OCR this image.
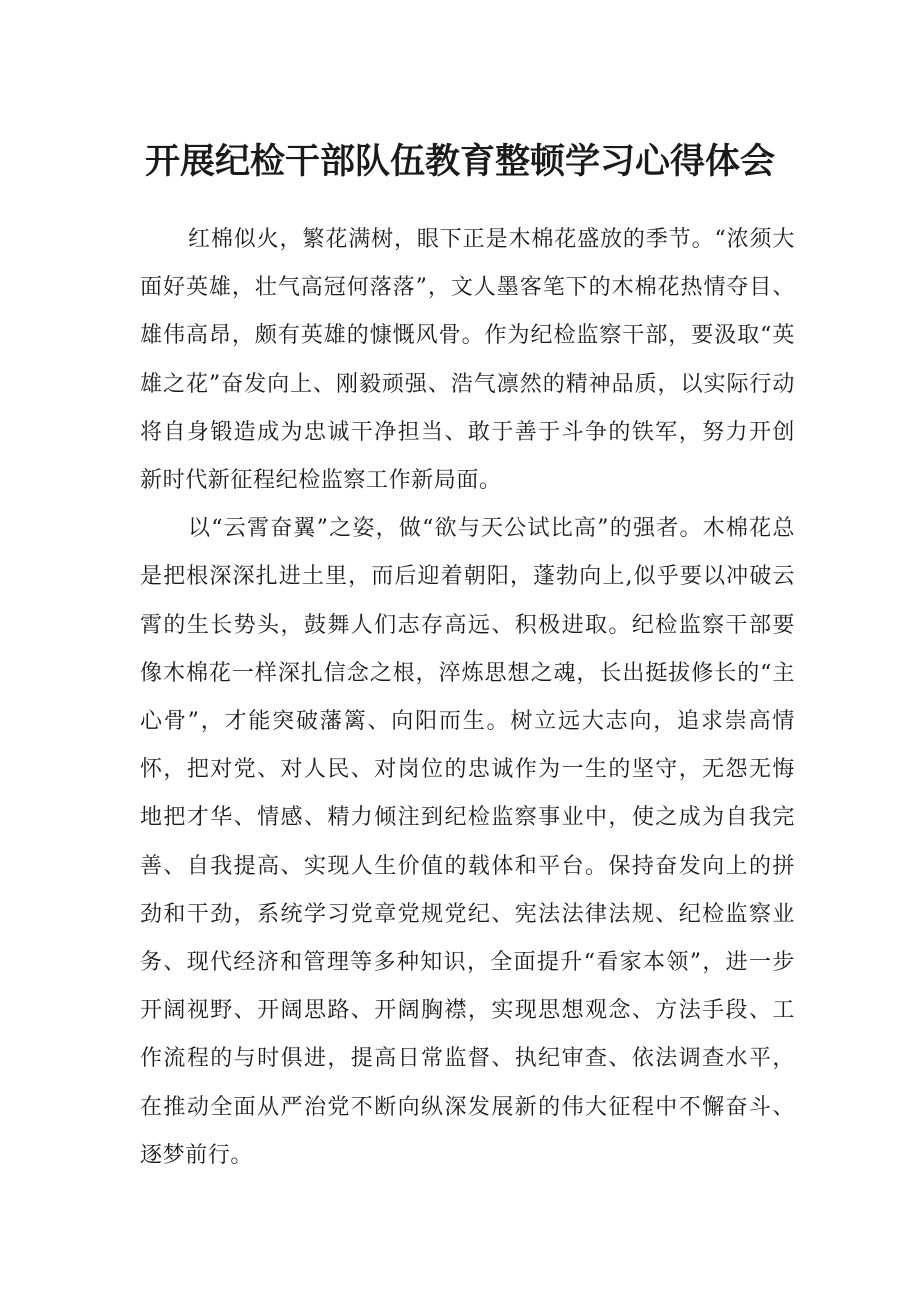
开展纪检干部队伍教育整顿学习心得体会

红棉似火，繁花满树，眼下正是木棉花盛放的季节。“浓须大面好英雄，壮气高冠何落落”，文人墨客笔下的木棉花热情夺目、雄伟高昂，颇有英雄的慷慨风骨。作为纪检监察干部，要汲取“英雄之花”奋发向上、刚毅顽强、浩气凛然的精神品质，以实际行动将自身锻造成为忠诚干净担当、敢于善于斗争的铁军，努力开创新时代新征程纪检监察工作新局面。

以“云霄奋翼”之姿，做“欲与天公试比高”的强者。木棉花总是把根深深扎进土里，而后迎着朝阳，蓬勃向上,似乎要以冲破云霄的生长势头，鼓舞人们志存高远、积极进取。纪检监察干部要像木棉花一样深扎信念之根，淬炼思想之魂，长出挺拔修长的“主心骨”，才能突破藩篱、向阳而生。树立远大志向，追求崇高情怀，把对党、对人民、对岗位的忠诚作为一生的坚守，无怨无悔地把才华、情感、精力倾注到纪检监察事业中，使之成为自我完善、自我提高、实现人生价值的载体和平台。保持奋发向上的拼劲和干劲，系统学习党章党规党纪、宪法法律法规、纪检监察业务、现代经济和管理等多种知识，全面提升“看家本领”，进一步开阔视野、开阔思路、开阔胸襟，实现思想观念、方法手段、工作流程的与时俱进，提高日常监督、执纪审查、依法调查水平，在推动全面从严治党不断向纵深发展新的伟大征程中不懈奋斗、逐梦前行。
